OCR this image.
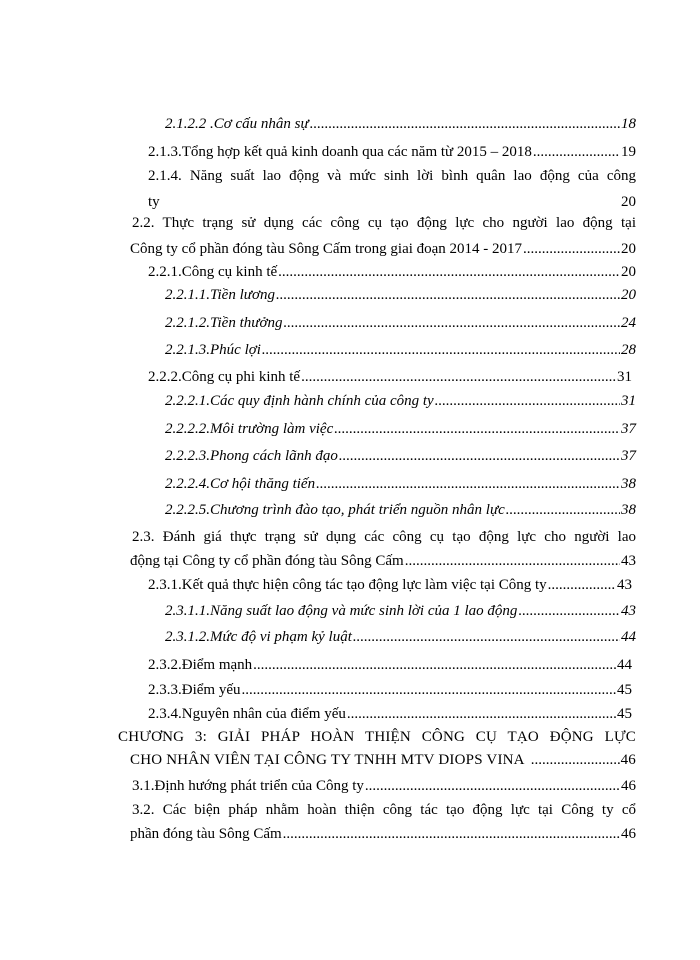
2.1.2.2 . Cơ cấu nhân sự .....	18
2.1.3. Tổng hợp kết quả kinh doanh qua các năm từ 2015 – 2018 .....	19
2.1.4. Năng suất lao động và mức sinh lời bình quân lao động của công
ty	20
2.2. Thực trạng sử dụng các công cụ tạo động lực cho người lao động tại
Công ty cổ phần đóng tàu Sông Cấm trong giai đoạn 2014 - 2017 .....	20
2.2.1. Công cụ kinh tế .....	20
2.2.1.1. Tiền lương .....	20
2.2.1.2. Tiền thưởng .....	24
2.2.1.3. Phúc lợi .....	28
2.2.2. Công cụ phi kinh tế .....	31
2.2.2.1. Các quy định hành chính của công ty .....	31
2.2.2.2. Môi trường làm việc .....	37
2.2.2.3. Phong cách lãnh đạo .....	37
2.2.2.4. Cơ hội thăng tiến .....	38
2.2.2.5. Chương trình đào tạo, phát triển nguồn nhân lực .....	38
2.3. Đánh giá thực trạng sử dụng các công cụ tạo động lực cho người lao
động tại Công ty cổ phần đóng tàu Sông Cấm .....	43
2.3.1. Kết quả thực hiện công tác tạo động lực làm việc tại Công ty .....	43
2.3.1.1. Năng suất lao động và mức sinh lời của 1 lao động .....	43
2.3.1.2. Mức độ vi phạm kỷ luật .....	44
2.3.2. Điểm mạnh .....	44
2.3.3. Điểm yếu .....	45
2.3.4. Nguyên nhân của điểm yếu .....	45
CHƯƠNG 3: GIẢI PHÁP HOÀN THIỆN CÔNG CỤ TẠO ĐỘNG LỰC
CHO NHÂN VIÊN TẠI CÔNG TY TNHH MTV DIOPS VINA .....	46
3.1. Định hướng phát triển của Công ty .....	46
3.2. Các biện pháp nhằm hoàn thiện công tác tạo động lực tại Công ty cổ
phần đóng tàu Sông Cấm .....	46
